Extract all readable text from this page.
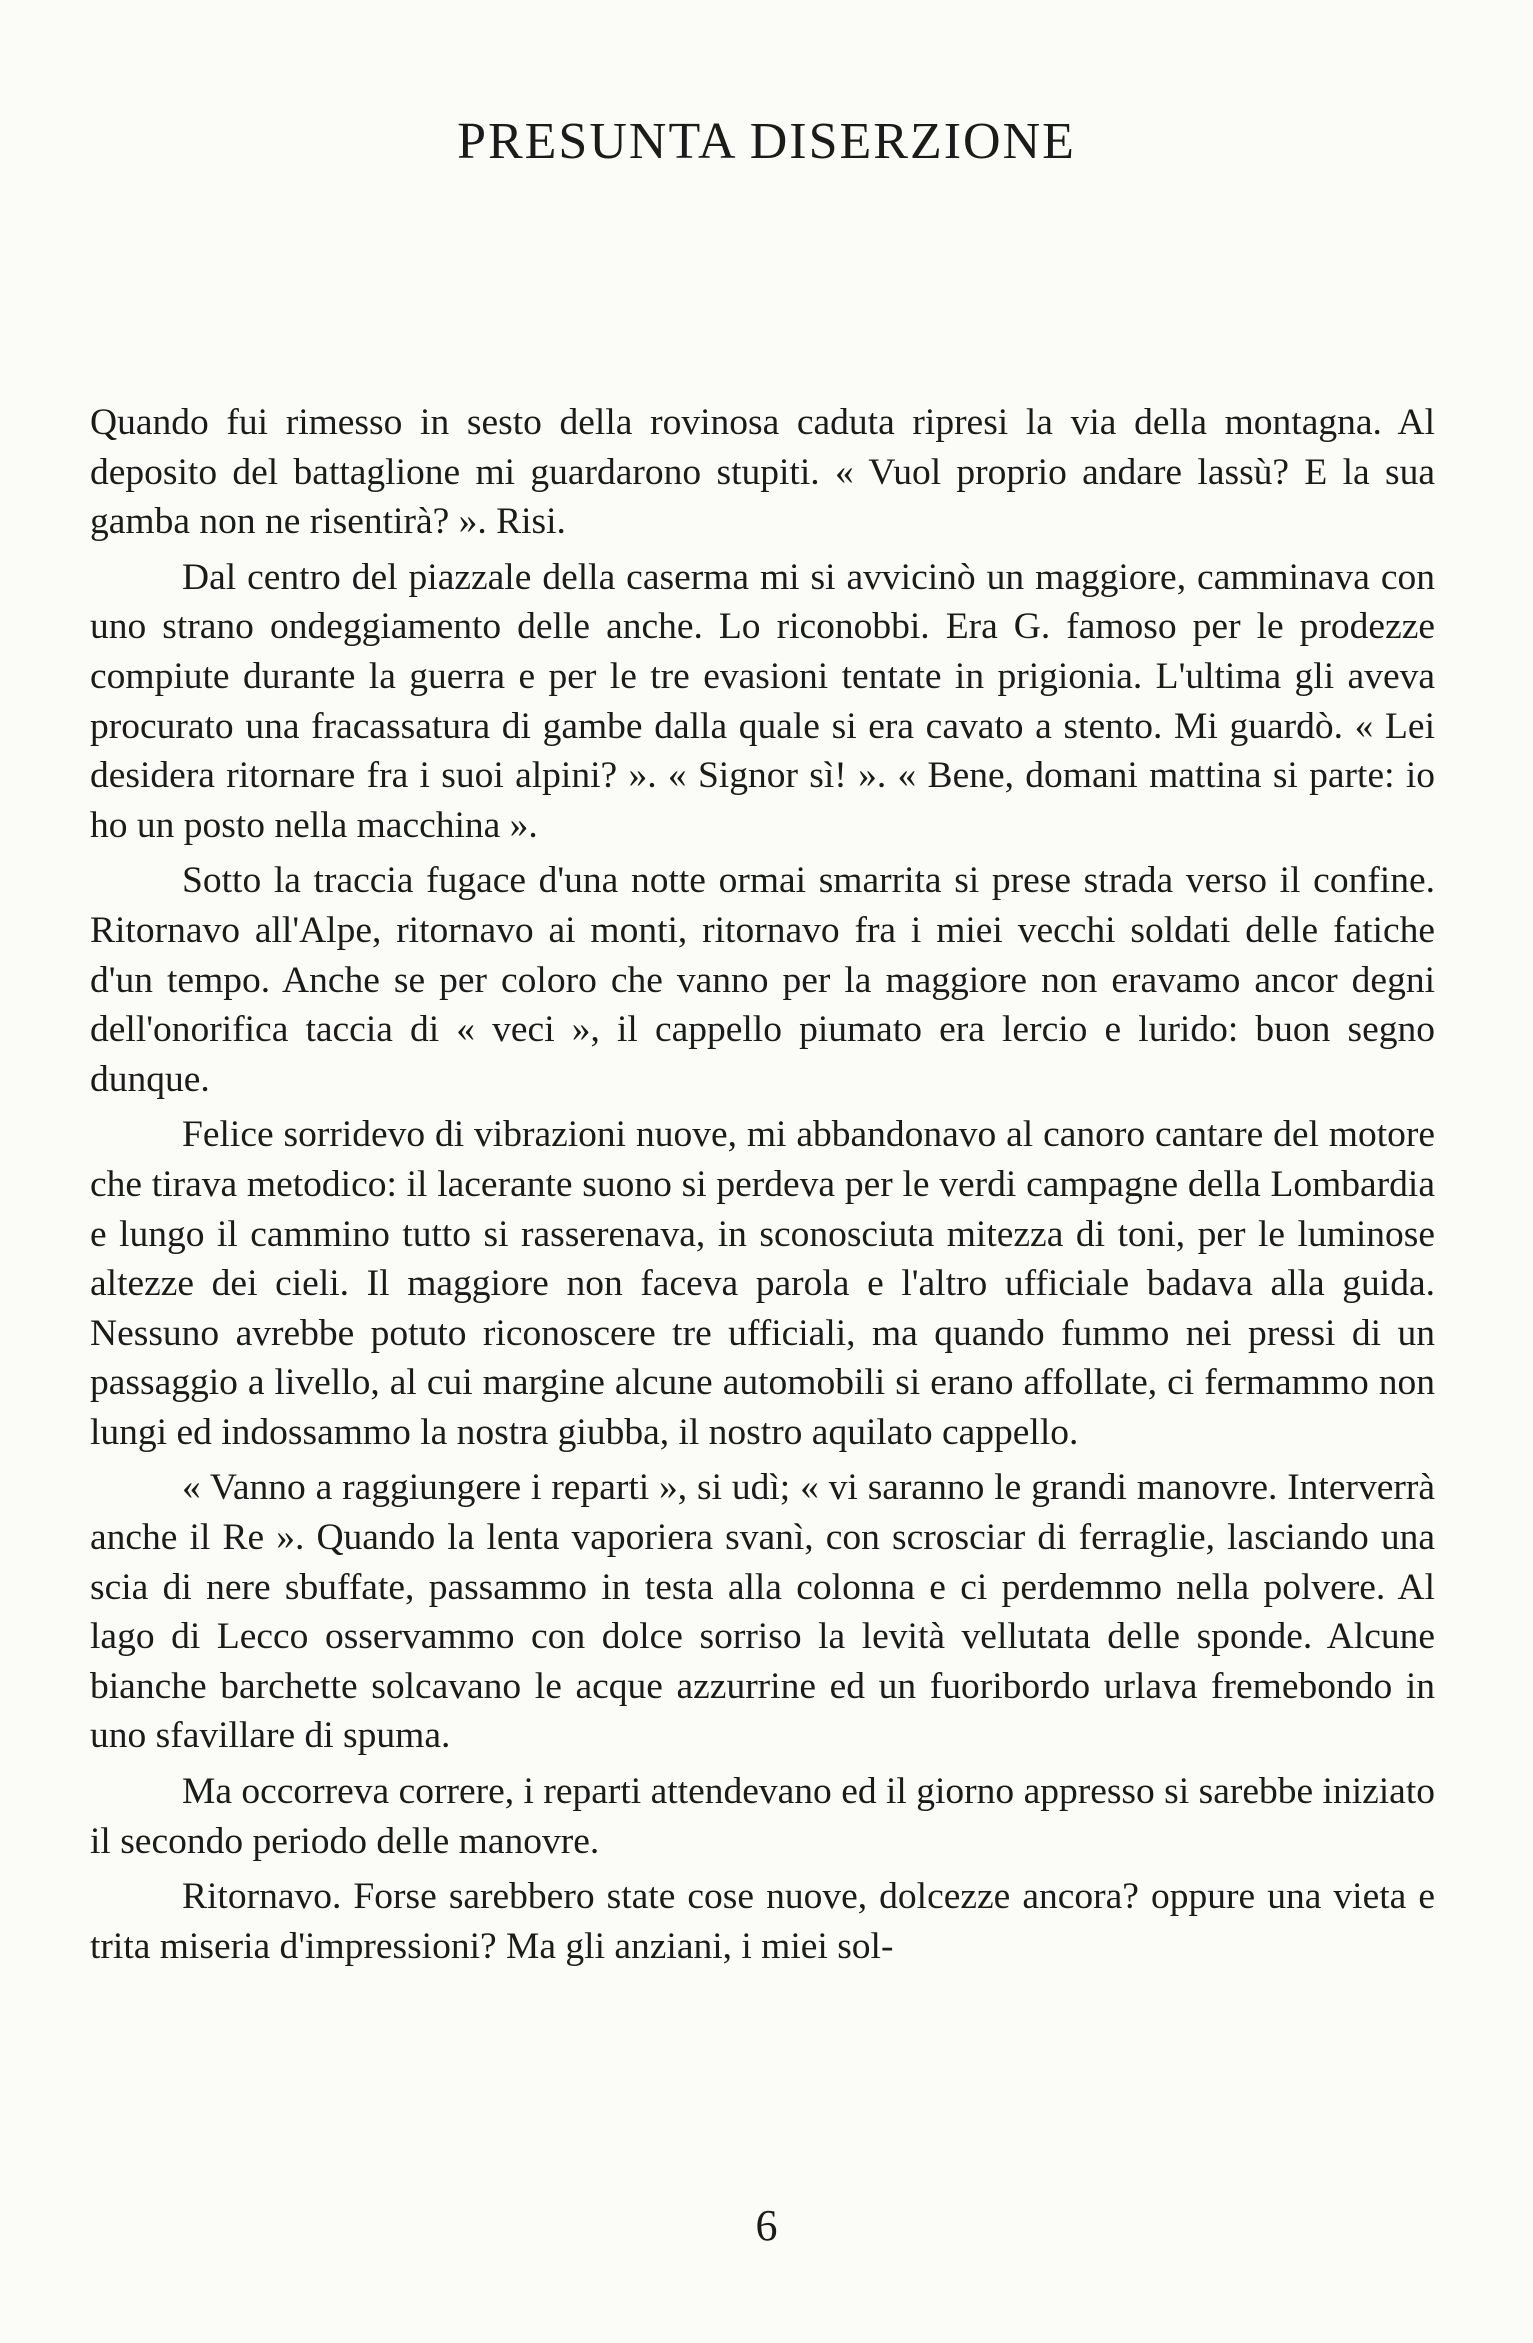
PRESUNTA DISERZIONE

Quando fui rimesso in sesto della rovinosa caduta ripresi la via della montagna. Al deposito del battaglione mi guardarono stupiti. « Vuol proprio andare lassù? E la sua gamba non ne risentirà? ». Risi.

Dal centro del piazzale della caserma mi si avvicinò un maggiore, camminava con uno strano ondeggiamento delle anche. Lo riconobbi. Era G. famoso per le prodezze compiute durante la guerra e per le tre evasioni tentate in prigionia. L'ultima gli aveva procurato una fracassatura di gambe dalla quale si era cavato a stento. Mi guardò. « Lei desidera ritornare fra i suoi alpini? ». « Signor sì! ». « Bene, domani mattina si parte: io ho un posto nella macchina ».

Sotto la traccia fugace d'una notte ormai smarrita si prese strada verso il confine. Ritornavo all'Alpe, ritornavo ai monti, ritornavo fra i miei vecchi soldati delle fatiche d'un tempo. Anche se per coloro che vanno per la maggiore non eravamo ancor degni dell'onorifica taccia di « veci », il cappello piumato era lercio e lurido: buon segno dunque.

Felice sorridevo di vibrazioni nuove, mi abbandonavo al canoro cantare del motore che tirava metodico: il lacerante suono si perdeva per le verdi campagne della Lombardia e lungo il cammino tutto si rasserenava, in sconosciuta mitezza di toni, per le luminose altezze dei cieli. Il maggiore non faceva parola e l'altro ufficiale badava alla guida. Nessuno avrebbe potuto riconoscere tre ufficiali, ma quando fummo nei pressi di un passaggio a livello, al cui margine alcune automobili si erano affollate, ci fermammo non lungi ed indossammo la nostra giubba, il nostro aquilato cappello.

« Vanno a raggiungere i reparti », si udì; « vi saranno le grandi manovre. Interverrà anche il Re ». Quando la lenta vaporiera svanì, con scrosciar di ferraglie, lasciando una scia di nere sbuffate, passammo in testa alla colonna e ci perdemmo nella polvere. Al lago di Lecco osservammo con dolce sorriso la levità vellutata delle sponde. Alcune bianche barchette solcavano le acque azzurrine ed un fuoribordo urlava fremebondo in uno sfavillare di spuma.

Ma occorreva correre, i reparti attendevano ed il giorno appresso si sarebbe iniziato il secondo periodo delle manovre.

Ritornavo. Forse sarebbero state cose nuove, dolcezze ancora? oppure una vieta e trita miseria d'impressioni? Ma gli anziani, i miei sol-

6
